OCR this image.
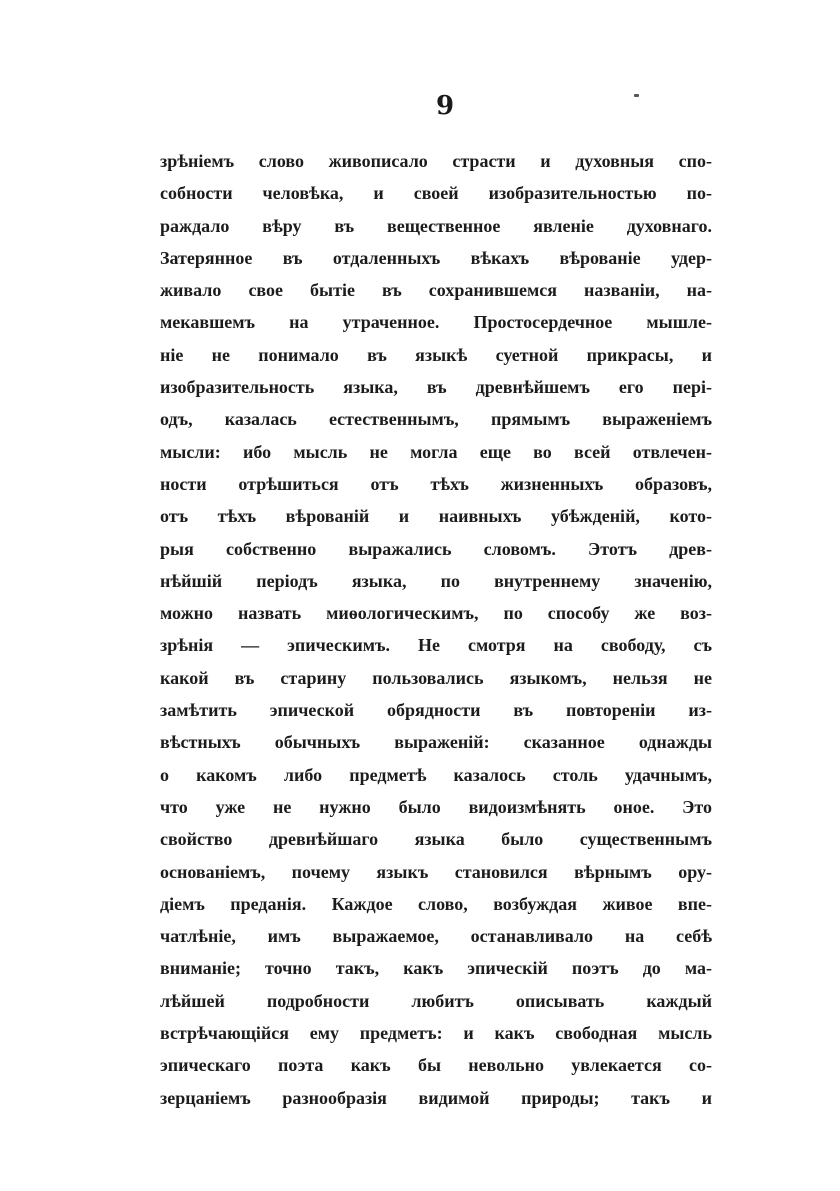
9
зрѣніемъ слово живописало страсти и духовныя спо-
собности человѣка, и своей изобразительностью по-
раждало вѣру въ вещественное явленіе духовнаго.
Затерянное въ отдаленныхъ вѣкахъ вѣрованіе удер-
живало свое бытіе въ сохранившемся названіи, на-
мекавшемъ на утраченное. Простосердечное мышле-
ніе не понимало въ языкѣ суетной прикрасы, и
изобразительность языка, въ древнѣйшемъ его пері-
одъ, казалась естественнымъ, прямымъ выраженіемъ
мысли: ибо мысль не могла еще во всей отвлечен-
ности отрѣшиться отъ тѣхъ жизненныхъ образовъ,
отъ тѣхъ вѣрованій и наивныхъ убѣжденій, кото-
рыя собственно выражались словомъ. Этотъ древ-
нѣйшій періодъ языка, по внутреннему значенію,
можно назвать миѳологическимъ, по способу же воз-
зрѣнія — эпическимъ. Не смотря на свободу, съ
какой въ старину пользовались языкомъ, нельзя не
замѣтить эпической обрядности въ повтореніи из-
вѣстныхъ обычныхъ выраженій: сказанное однажды
о какомъ либо предметѣ казалось столь удачнымъ,
что уже не нужно было видоизмѣнять оное. Это
свойство древнѣйшаго языка было существеннымъ
основаніемъ, почему языкъ становился вѣрнымъ ору-
діемъ преданія. Каждое слово, возбуждая живое впе-
чатлѣніе, имъ выражаемое, останавливало на себѣ
вниманіе; точно такъ, какъ эпическій поэтъ до ма-
лѣйшей подробности любитъ описывать каждый
встрѣчающійся ему предметъ: и какъ свободная мысль
эпическаго поэта какъ бы невольно увлекается со-
зерцаніемъ разнообразія видимой природы; такъ и
